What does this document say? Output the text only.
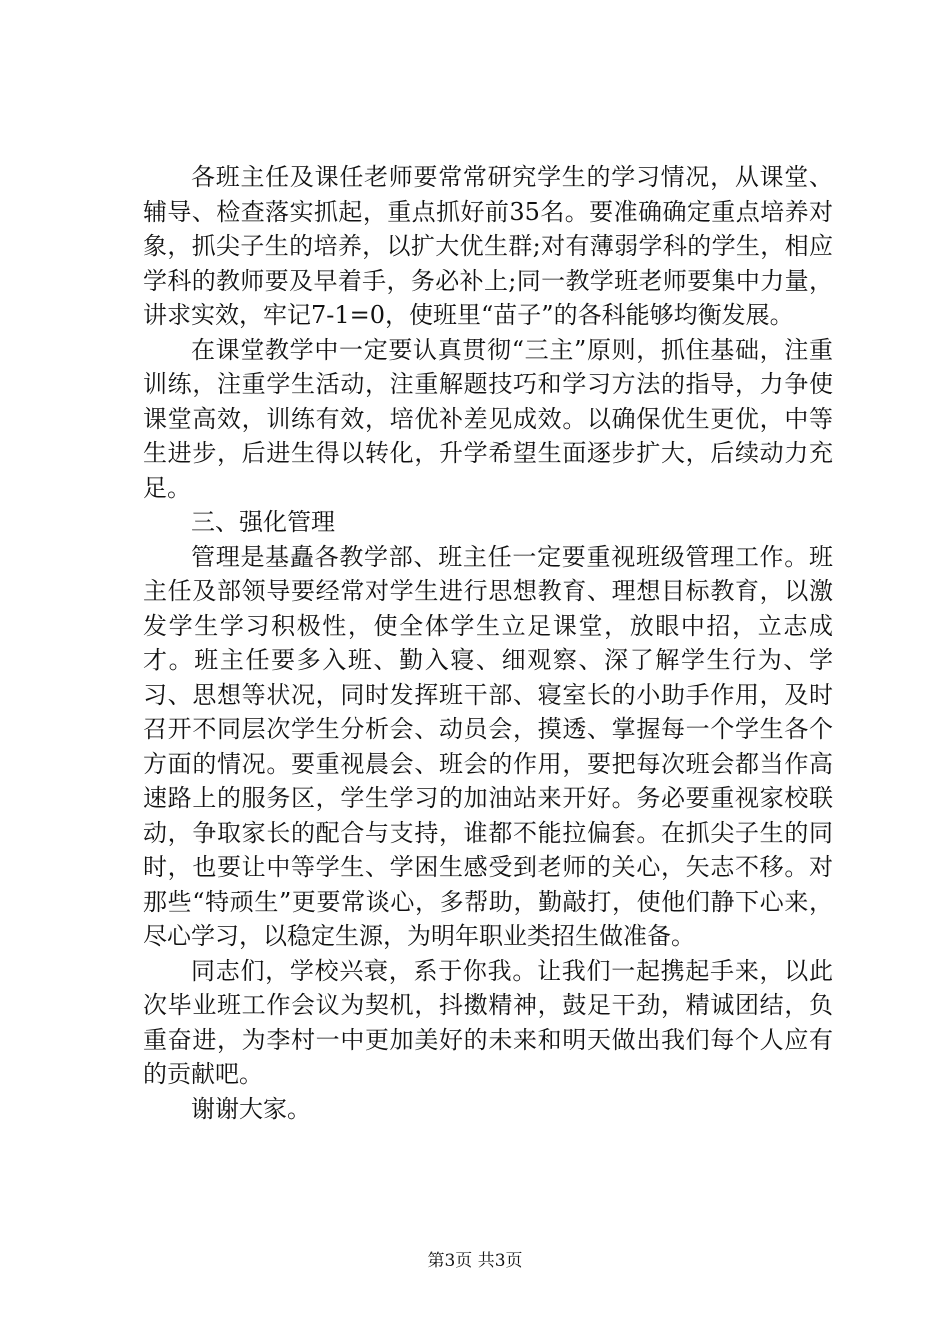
各班主任及课任老师要常常研究学生的学习情况，从课堂、辅导、检查落实抓起，重点抓好前35名。要准确确定重点培养对象，抓尖子生的培养，以扩大优生群;对有薄弱学科的学生，相应学科的教师要及早着手，务必补上;同一教学班老师要集中力量，讲求实效，牢记7-1=0，使班里“苗子”的各科能够均衡发展。

在课堂教学中一定要认真贯彻“三主”原则，抓住基础，注重训练，注重学生活动，注重解题技巧和学习方法的指导，力争使课堂高效，训练有效，培优补差见成效。以确保优生更优，中等生进步，后进生得以转化，升学希望生面逐步扩大，后续动力充足。

三、强化管理

管理是基矗各教学部、班主任一定要重视班级管理工作。班主任及部领导要经常对学生进行思想教育、理想目标教育，以激发学生学习积极性，使全体学生立足课堂，放眼中招，立志成才。班主任要多入班、勤入寝、细观察、深了解学生行为、学习、思想等状况，同时发挥班干部、寝室长的小助手作用，及时召开不同层次学生分析会、动员会，摸透、掌握每一个学生各个方面的情况。要重视晨会、班会的作用，要把每次班会都当作高速路上的服务区，学生学习的加油站来开好。务必要重视家校联动，争取家长的配合与支持，谁都不能拉偏套。在抓尖子生的同时，也要让中等学生、学困生感受到老师的关心，矢志不移。对那些“特顽生”更要常谈心，多帮助，勤敲打，使他们静下心来，尽心学习，以稳定生源，为明年职业类招生做准备。

同志们，学校兴衰，系于你我。让我们一起携起手来，以此次毕业班工作会议为契机，抖擞精神，鼓足干劲，精诚团结，负重奋进，为李村一中更加美好的未来和明天做出我们每个人应有的贡献吧。

谢谢大家。

第3页 共3页
